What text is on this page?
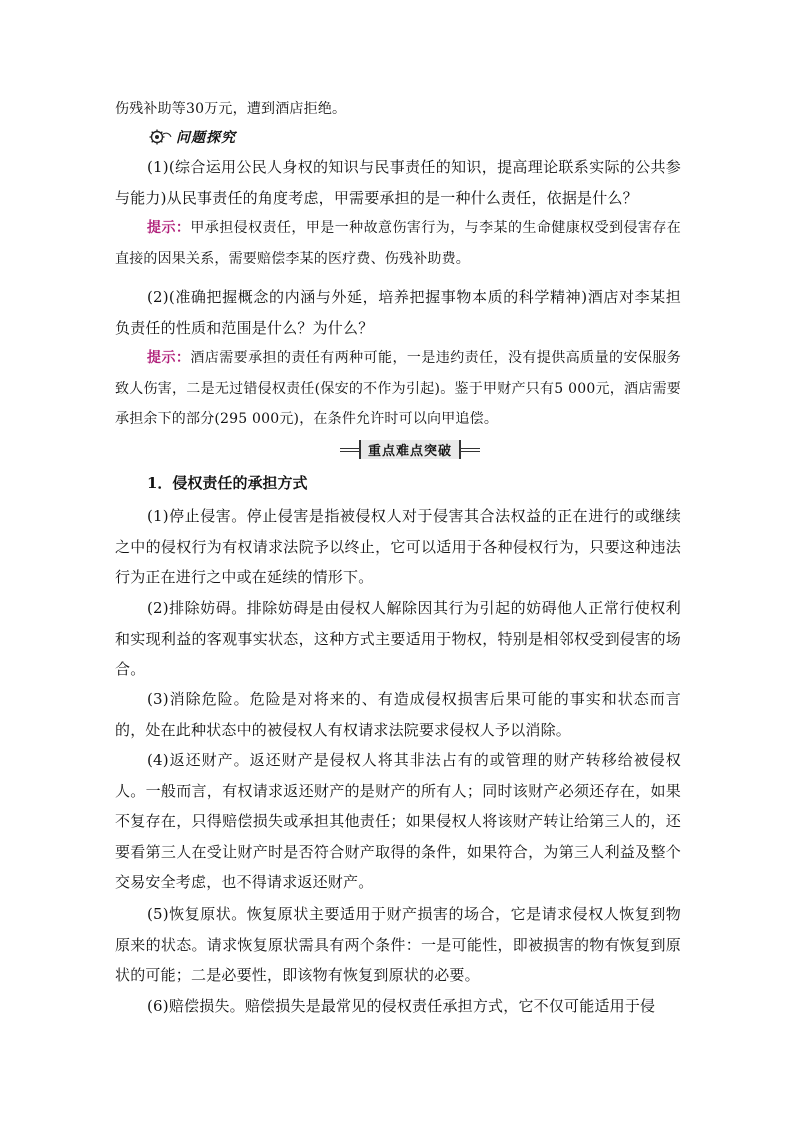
伤残补助等30万元，遭到酒店拒绝。

问题探究

(1)(综合运用公民人身权的知识与民事责任的知识，提高理论联系实际的公共参与能力)从民事责任的角度考虑，甲需要承担的是一种什么责任，依据是什么？

提示：甲承担侵权责任，甲是一种故意伤害行为，与李某的生命健康权受到侵害存在直接的因果关系，需要赔偿李某的医疗费、伤残补助费。

(2)(准确把握概念的内涵与外延，培养把握事物本质的科学精神)酒店对李某担负责任的性质和范围是什么？为什么？

提示：酒店需要承担的责任有两种可能，一是违约责任，没有提供高质量的安保服务致人伤害，二是无过错侵权责任(保安的不作为引起)。鉴于甲财产只有5 000元，酒店需要承担余下的部分(295 000元)，在条件允许时可以向甲追偿。

重点难点突破
1．侵权责任的承担方式

(1)停止侵害。停止侵害是指被侵权人对于侵害其合法权益的正在进行的或继续之中的侵权行为有权请求法院予以终止，它可以适用于各种侵权行为，只要这种违法行为正在进行之中或在延续的情形下。

(2)排除妨碍。排除妨碍是由侵权人解除因其行为引起的妨碍他人正常行使权利和实现利益的客观事实状态，这种方式主要适用于物权，特别是相邻权受到侵害的场合。

(3)消除危险。危险是对将来的、有造成侵权损害后果可能的事实和状态而言的，处在此种状态中的被侵权人有权请求法院要求侵权人予以消除。

(4)返还财产。返还财产是侵权人将其非法占有的或管理的财产转移给被侵权人。一般而言，有权请求返还财产的是财产的所有人；同时该财产必须还存在，如果不复存在，只得赔偿损失或承担其他责任；如果侵权人将该财产转让给第三人的，还要看第三人在受让财产时是否符合财产取得的条件，如果符合，为第三人利益及整个交易安全考虑，也不得请求返还财产。

(5)恢复原状。恢复原状主要适用于财产损害的场合，它是请求侵权人恢复到物原来的状态。请求恢复原状需具有两个条件：一是可能性，即被损害的物有恢复到原状的可能；二是必要性，即该物有恢复到原状的必要。

(6)赔偿损失。赔偿损失是最常见的侵权责任承担方式，它不仅可能适用于侵
